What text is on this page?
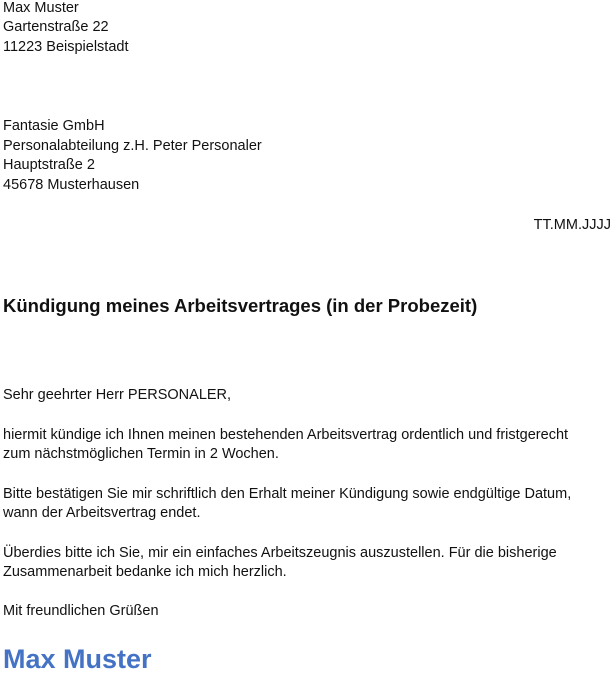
Max Muster
Gartenstraße 22
11223 Beispielstadt
Fantasie GmbH
Personalabteilung z.H. Peter Personaler
Hauptstraße 2
45678 Musterhausen
TT.MM.JJJJ
Kündigung meines Arbeitsvertrages (in der Probezeit)
Sehr geehrter Herr PERSONALER,
hiermit kündige ich Ihnen meinen bestehenden Arbeitsvertrag ordentlich und fristgerecht
zum nächstmöglichen Termin in 2 Wochen.
Bitte bestätigen Sie mir schriftlich den Erhalt meiner Kündigung sowie endgültige Datum,
wann der Arbeitsvertrag endet.
Überdies bitte ich Sie, mir ein einfaches Arbeitszeugnis auszustellen. Für die bisherige
Zusammenarbeit bedanke ich mich herzlich.
Mit freundlichen Grüßen
Max Muster
